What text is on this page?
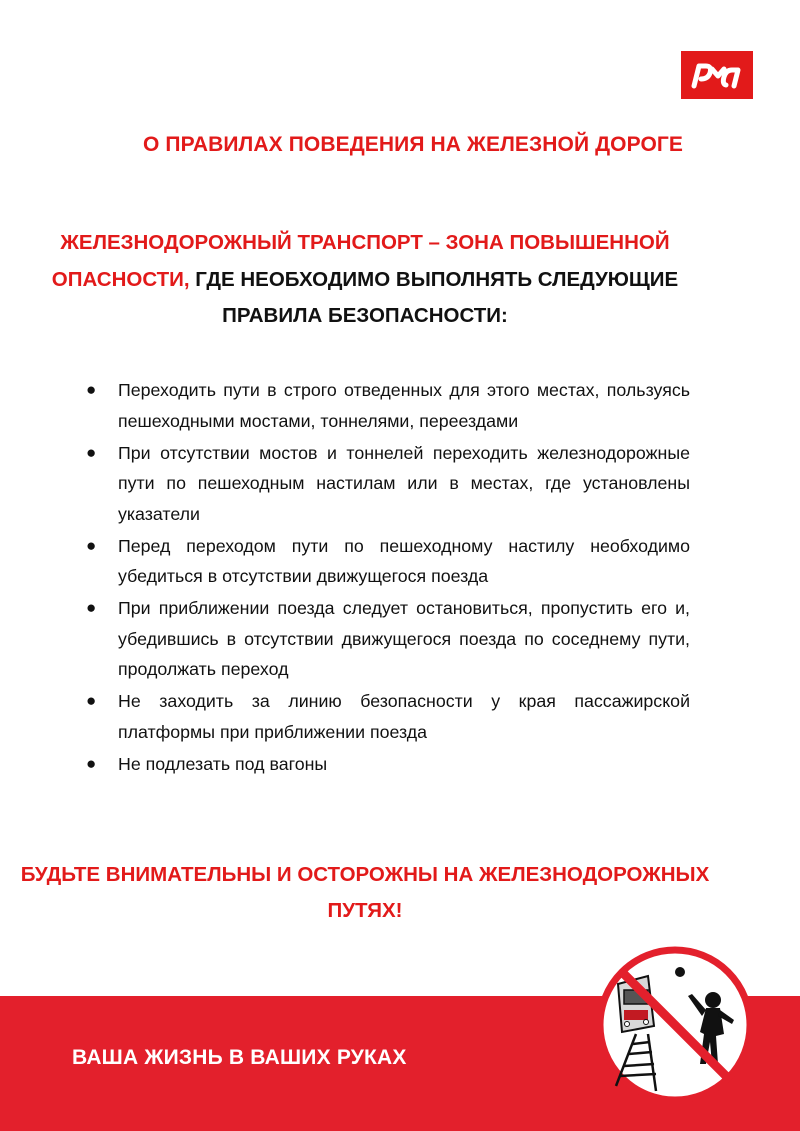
О ПРАВИЛАХ ПОВЕДЕНИЯ НА ЖЕЛЕЗНОЙ ДОРОГЕ
ЖЕЛЕЗНОДОРОЖНЫЙ ТРАНСПОРТ – ЗОНА ПОВЫШЕННОЙ ОПАСНОСТИ, ГДЕ НЕОБХОДИМО ВЫПОЛНЯТЬ СЛЕДУЮЩИЕ ПРАВИЛА БЕЗОПАСНОСТИ:
● Переходить пути в строго отведенных для этого местах, пользуясь пешеходными мостами, тоннелями, переездами
● При отсутствии мостов и тоннелей переходить железнодорожные пути по пешеходным настилам или в местах, где установлены указатели
● Перед переходом пути по пешеходному настилу необходимо убедиться в отсутствии движущегося поезда
● При приближении поезда следует остановиться, пропустить его и, убедившись в отсутствии движущегося поезда по соседнему пути, продолжать переход
● Не заходить за линию безопасности у края пассажирской платформы при приближении поезда
● Не подлезать под вагоны
БУДЬТЕ ВНИМАТЕЛЬНЫ И ОСТОРОЖНЫ НА ЖЕЛЕЗНОДОРОЖНЫХ ПУТЯХ!
ВАША ЖИЗНЬ В ВАШИХ РУКАХ
